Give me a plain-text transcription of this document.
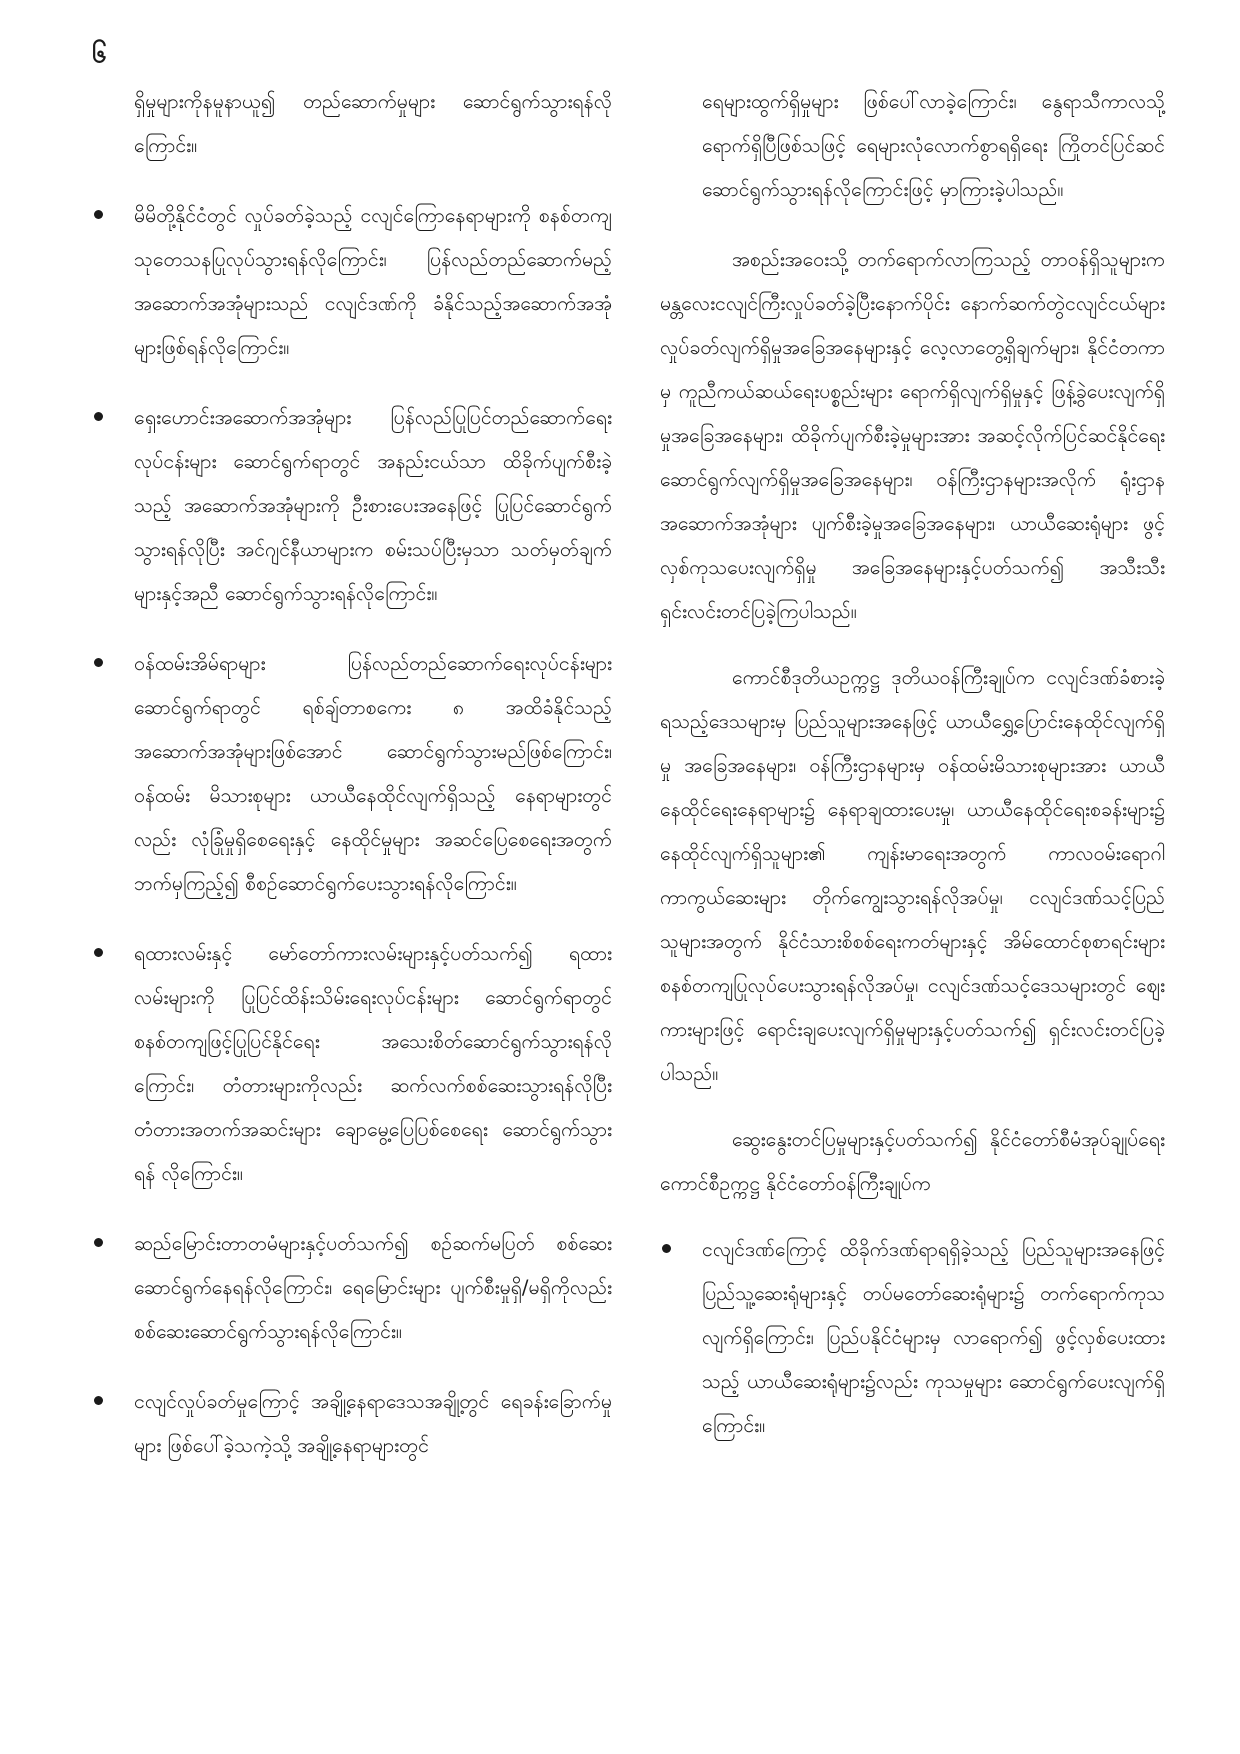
၆

ရှိမှုများကိုနမူနာယူ၍ တည်ဆောက်မှုများ ဆောင်ရွက်သွားရန်လိုကြောင်း။

မိမိတို့နိုင်ငံတွင် လှုပ်ခတ်ခဲ့သည့် ငလျင်ကြောနေရာများကို စနစ်တကျသုတေသနပြုလုပ်သွားရန်လိုကြောင်း၊ ပြန်လည်တည်ဆောက်မည့် အဆောက်အအုံများသည် ငလျင်ဒဏ်ကို ခံနိုင်သည့်အဆောက်အအုံများဖြစ်ရန်လိုကြောင်း။

ရှေးဟောင်းအဆောက်အအုံများ ပြန်လည်ပြုပြင်တည်ဆောက်ရေးလုပ်ငန်းများ ဆောင်ရွက်ရာတွင် အနည်းငယ်သာ ထိခိုက်ပျက်စီးခဲ့သည့် အဆောက်အအုံများကို ဦးစားပေးအနေဖြင့် ပြုပြင်ဆောင်ရွက်သွားရန်လိုပြီး အင်ဂျင်နီယာများက စမ်းသပ်ပြီးမှသာ သတ်မှတ်ချက်များနှင့်အညီ ဆောင်ရွက်သွားရန်လိုကြောင်း။

ဝန်ထမ်းအိမ်ရာများ ပြန်လည်တည်ဆောက်ရေးလုပ်ငန်းများ ဆောင်ရွက်ရာတွင် ရစ်ချ်တာစကေး ၈ အထိခံနိုင်သည့် အဆောက်အအုံများဖြစ်အောင် ဆောင်ရွက်သွားမည်ဖြစ်ကြောင်း၊ ဝန်ထမ်း မိသားစုများ ယာယီနေထိုင်လျက်ရှိသည့် နေရာများတွင်လည်း လုံခြုံမှုရှိစေရေးနှင့် နေထိုင်မှုများ အဆင်ပြေစေရေးအတွက်ဘက်မှကြည့်၍ စီစဉ်ဆောင်ရွက်ပေးသွားရန်လိုကြောင်း။

ရထားလမ်းနှင့် မော်တော်ကားလမ်းများနှင့်ပတ်သက်၍ ရထားလမ်းများကို ပြုပြင်ထိန်းသိမ်းရေးလုပ်ငန်းများ ဆောင်ရွက်ရာတွင် စနစ်တကျဖြင့်ပြုပြင်နိုင်ရေး အသေးစိတ်ဆောင်ရွက်သွားရန်လိုကြောင်း၊ တံတားများကိုလည်း ဆက်လက်စစ်ဆေးသွားရန်လိုပြီး တံတားအတက်အဆင်းများ ချောမွေ့ပြေပြစ်စေရေး ဆောင်ရွက်သွားရန် လိုကြောင်း။

ဆည်မြောင်းတာတမံများနှင့်ပတ်သက်၍ စဉ်ဆက်မပြတ် စစ်ဆေးဆောင်ရွက်နေရန်လိုကြောင်း၊ ရေမြောင်းများ ပျက်စီးမှုရှိ/မရှိကိုလည်း စစ်ဆေးဆောင်ရွက်သွားရန်လိုကြောင်း။

ငလျင်လှုပ်ခတ်မှုကြောင့် အချို့နေရာဒေသအချို့တွင် ရေခန်းခြောက်မှုများ ဖြစ်ပေါ်ခဲ့သကဲ့သို့ အချို့နေရာများတွင်

ရေများထွက်ရှိမှုများ ဖြစ်ပေါ်လာခဲ့ကြောင်း၊ နွေရာသီကာလသို့ ရောက်ရှိပြီဖြစ်သဖြင့် ရေများလုံလောက်စွာရရှိရေး ကြိုတင်ပြင်ဆင်ဆောင်ရွက်သွားရန်လိုကြောင်းဖြင့် မှာကြားခဲ့ပါသည်။

အစည်းအဝေးသို့ တက်ရောက်လာကြသည့် တာဝန်ရှိသူများက မန္တလေးငလျင်ကြီးလှုပ်ခတ်ခဲ့ပြီးနောက်ပိုင်း နောက်ဆက်တွဲငလျင်ငယ်များ လှုပ်ခတ်လျက်ရှိမှုအခြေအနေများနှင့် လေ့လာတွေ့ရှိချက်များ၊ နိုင်ငံတကာမှ ကူညီကယ်ဆယ်ရေးပစ္စည်းများ ရောက်ရှိလျက်ရှိမှုနှင့် ဖြန့်ခွဲပေးလျက်ရှိမှုအခြေအနေများ၊ ထိခိုက်ပျက်စီးခဲ့မှုများအား အဆင့်လိုက်ပြင်ဆင်နိုင်ရေး ဆောင်ရွက်လျက်ရှိမှုအခြေအနေများ၊ ဝန်ကြီးဌာနများအလိုက် ရုံးဌာနအဆောက်အအုံများ ပျက်စီးခဲ့မှုအခြေအနေများ၊ ယာယီဆေးရုံများ ဖွင့်လှစ်ကုသပေးလျက်ရှိမှု အခြေအနေများနှင့်ပတ်သက်၍ အသီးသီးရှင်းလင်းတင်ပြခဲ့ကြပါသည်။

ကောင်စီဒုတိယဥက္ကဋ္ဌ ဒုတိယဝန်ကြီးချုပ်က ငလျင်ဒဏ်ခံစားခဲ့ရသည့်ဒေသများမှ ပြည်သူများအနေဖြင့် ယာယီရွှေ့ပြောင်းနေထိုင်လျက်ရှိမှု အခြေအနေများ၊ ဝန်ကြီးဌာနများမှ ဝန်ထမ်းမိသားစုများအား ယာယီနေထိုင်ရေးနေရာများ၌ နေရာချထားပေးမှု၊ ယာယီနေထိုင်ရေးစခန်းများ၌ နေထိုင်လျက်ရှိသူများ၏ ကျန်းမာရေးအတွက် ကာလဝမ်းရောဂါကာကွယ်ဆေးများ တိုက်ကျွေးသွားရန်လိုအပ်မှု၊ ငလျင်ဒဏ်သင့်ပြည်သူများအတွက် နိုင်ငံသားစိစစ်ရေးကတ်များနှင့် အိမ်ထောင်စုစာရင်းများ စနစ်တကျပြုလုပ်ပေးသွားရန်လိုအပ်မှု၊ ငလျင်ဒဏ်သင့်ဒေသများတွင် ဈေးကားများဖြင့် ရောင်းချပေးလျက်ရှိမှုများနှင့်ပတ်သက်၍ ရှင်းလင်းတင်ပြခဲ့ပါသည်။

ဆွေးနွေးတင်ပြမှုများနှင့်ပတ်သက်၍ နိုင်ငံတော်စီမံအုပ်ချုပ်ရေးကောင်စီဥက္ကဋ္ဌ နိုင်ငံတော်ဝန်ကြီးချုပ်က

ငလျင်ဒဏ်ကြောင့် ထိခိုက်ဒဏ်ရာရရှိခဲ့သည့် ပြည်သူများအနေဖြင့် ပြည်သူ့ဆေးရုံများနှင့် တပ်မတော်ဆေးရုံများ၌ တက်ရောက်ကုသလျက်ရှိကြောင်း၊ ပြည်ပနိုင်ငံများမှ လာရောက်၍ ဖွင့်လှစ်ပေးထားသည့် ယာယီဆေးရုံများ၌လည်း ကုသမှုများ ဆောင်ရွက်ပေးလျက်ရှိကြောင်း။
